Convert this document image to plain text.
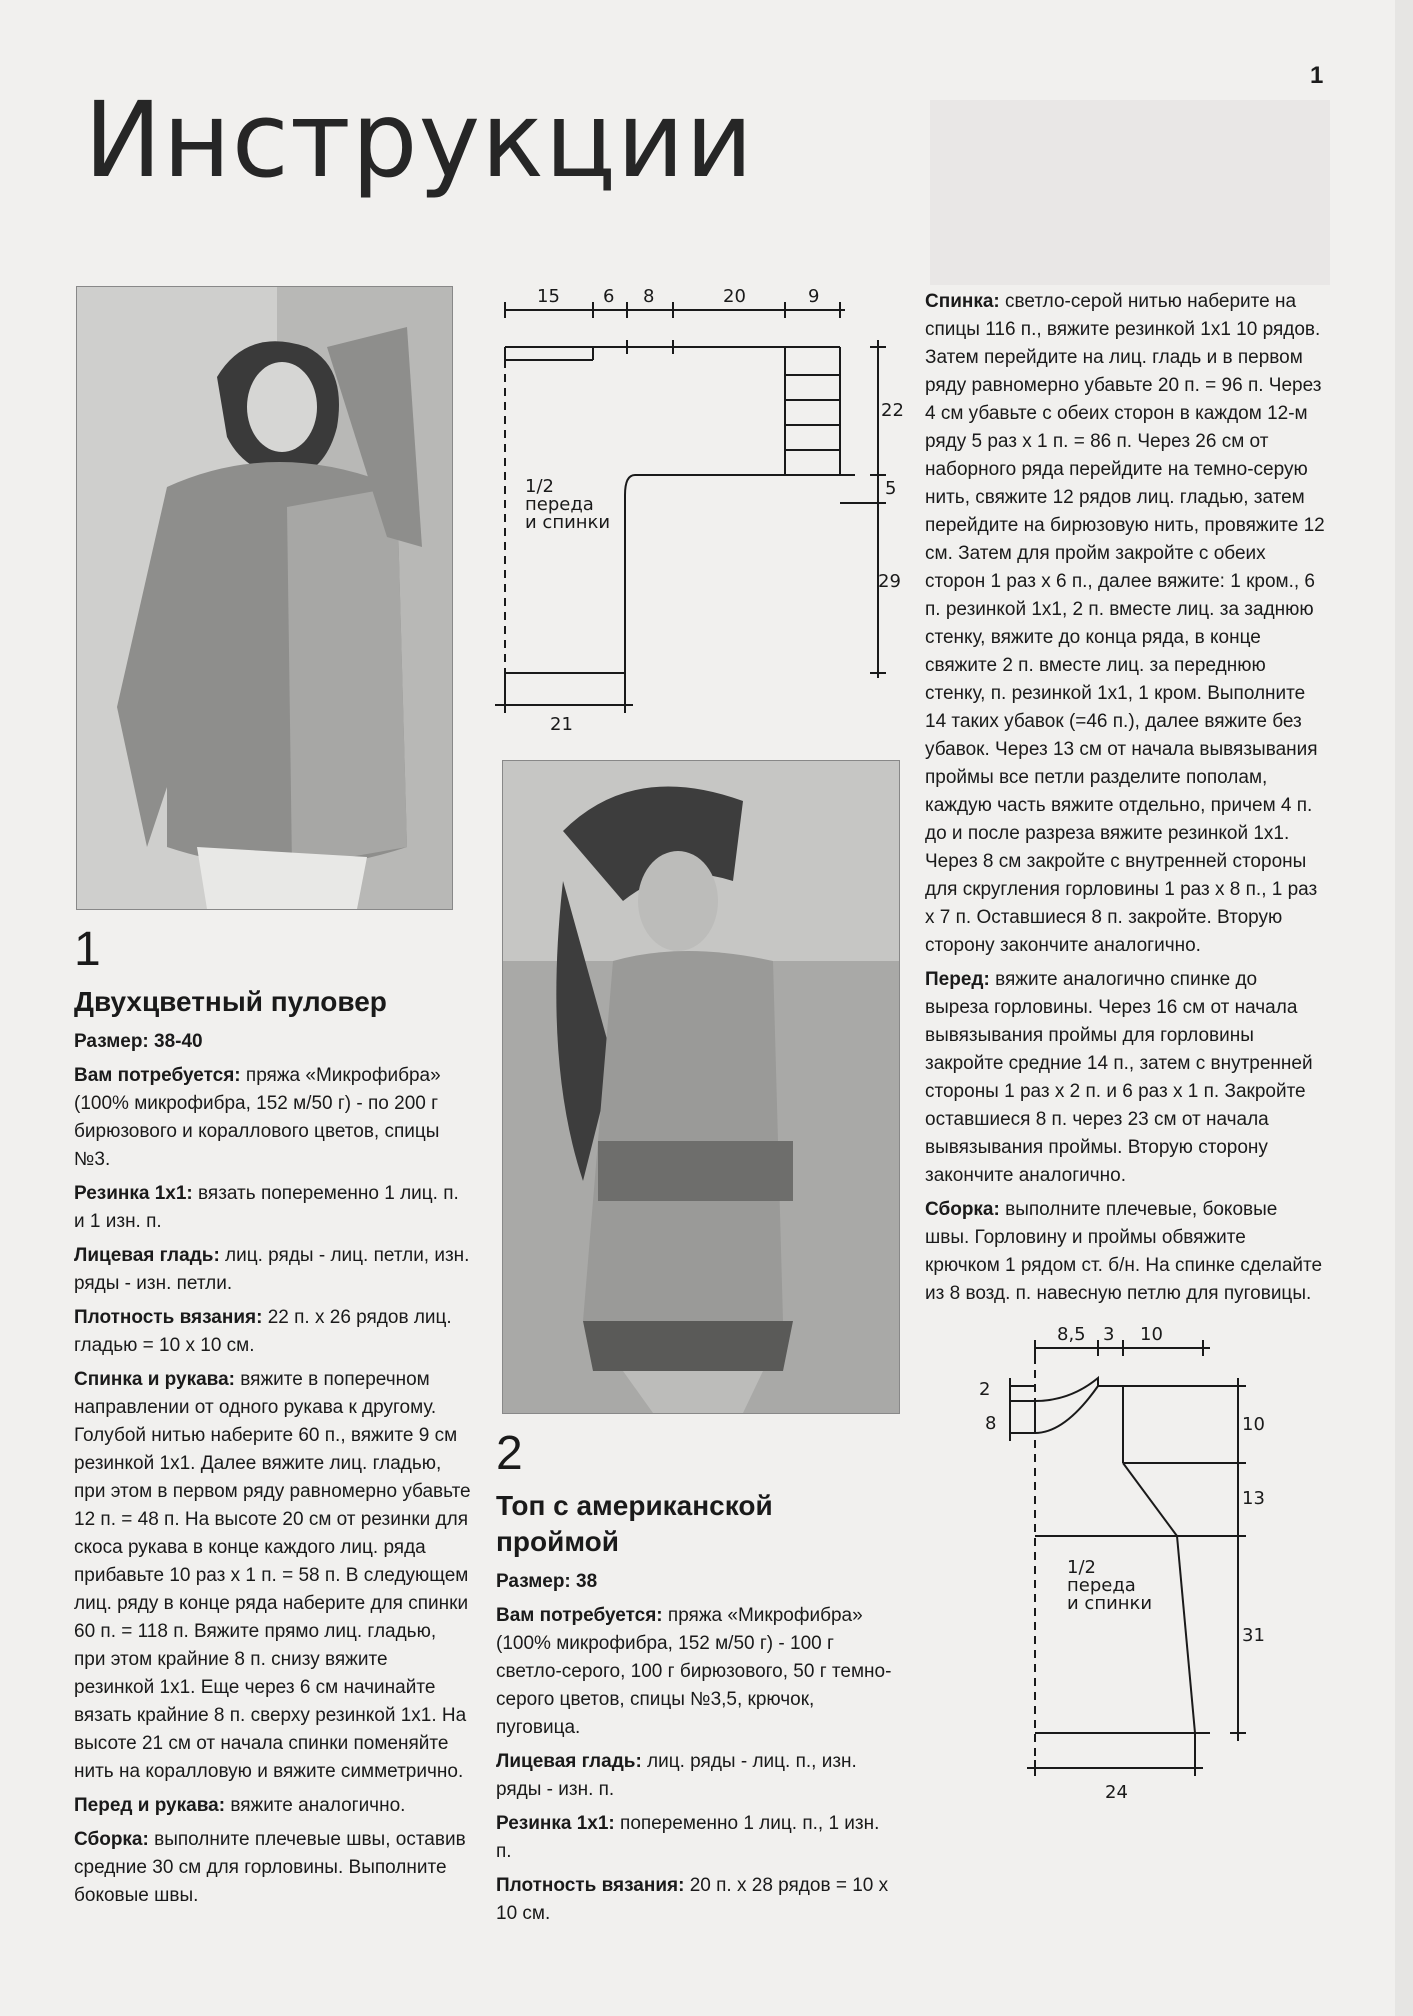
1
Инструкции
15 6 8	20	9
22
5
29
21
1/2
переда
и спинки
8,5 3 10
2
8	10
13
31
24
1/2
переда
и спинки
1
Двухцветный пуловер

Размер: 38-40

Вам потребуется: пряжа «Микрофибра» (100% микрофибра, 152 м/50 г) - по 200 г бирюзового и кораллового цветов, спицы №3.

Резинка 1х1: вязать попеременно 1 лиц. п. и 1 изн. п.

Лицевая гладь: лиц. ряды - лиц. петли, изн. ряды - изн. петли.

Плотность вязания: 22 п. х 26 рядов лиц. гладью = 10 х 10 см.

Спинка и рукава: вяжите в поперечном направлении от одного рукава к другому. Голубой нитью наберите 60 п., вяжите 9 см резинкой 1х1. Далее вяжите лиц. гладью, при этом в первом ряду равномерно убавьте 12 п. = 48 п. На высоте 20 см от резинки для скоса рукава в конце каждого лиц. ряда прибавьте 10 раз х 1 п. = 58 п. В следующем лиц. ряду в конце ряда наберите для спинки 60 п. = 118 п. Вяжите прямо лиц. гладью, при этом крайние 8 п. снизу вяжите резинкой 1х1. Еще через 6 см начинайте вязать крайние 8 п. сверху резинкой 1х1. На высоте 21 см от начала спинки поменяйте нить на коралловую и вяжите симметрично.

Перед и рукава: вяжите аналогично.

Сборка: выполните плечевые швы, оставив средние 30 см для горловины. Выполните боковые швы.

2
Топ с американской проймой

Размер: 38

Вам потребуется: пряжа «Микрофибра» (100% микрофибра, 152 м/50 г) - 100 г светло-серого, 100 г бирюзового, 50 г темно-серого цветов, спицы №3,5, крючок, пуговица.

Лицевая гладь: лиц. ряды - лиц. п., изн. ряды - изн. п.

Резинка 1х1: попеременно 1 лиц. п., 1 изн. п.

Плотность вязания: 20 п. х 28 рядов = 10 х 10 см.

Спинка: светло-серой нитью наберите на спицы 116 п., вяжите резинкой 1х1 10 рядов. Затем перейдите на лиц. гладь и в первом ряду равномерно убавьте 20 п. = 96 п. Через 4 см убавьте с обеих сторон в каждом 12-м ряду 5 раз х 1 п. = 86 п. Через 26 см от наборного ряда перейдите на темно-серую нить, свяжите 12 рядов лиц. гладью, затем перейдите на бирюзовую нить, провяжите 12 см. Затем для пройм закройте с обеих сторон 1 раз х 6 п., далее вяжите: 1 кром., 6 п. резинкой 1х1, 2 п. вместе лиц. за заднюю стенку, вяжите до конца ряда, в конце свяжите 2 п. вместе лиц. за переднюю стенку, п. резинкой 1х1, 1 кром. Выполните 14 таких убавок (=46 п.), далее вяжите без убавок. Через 13 см от начала вывязывания проймы все петли разделите пополам, каждую часть вяжите отдельно, причем 4 п. до и после разреза вяжите резинкой 1х1. Через 8 см закройте с внутренней стороны для скругления горловины 1 раз х 8 п., 1 раз х 7 п. Оставшиеся 8 п. закройте. Вторую сторону закончите аналогично.

Перед: вяжите аналогично спинке до выреза горловины. Через 16 см от начала вывязывания проймы для горловины закройте средние 14 п., затем с внутренней стороны 1 раз х 2 п. и 6 раз х 1 п. Закройте оставшиеся 8 п. через 23 см от начала вывязывания проймы. Вторую сторону закончите аналогично.

Сборка: выполните плечевые, боковые швы. Горловину и проймы обвяжите крючком 1 рядом ст. б/н. На спинке сделайте из 8 возд. п. навесную петлю для пуговицы.
